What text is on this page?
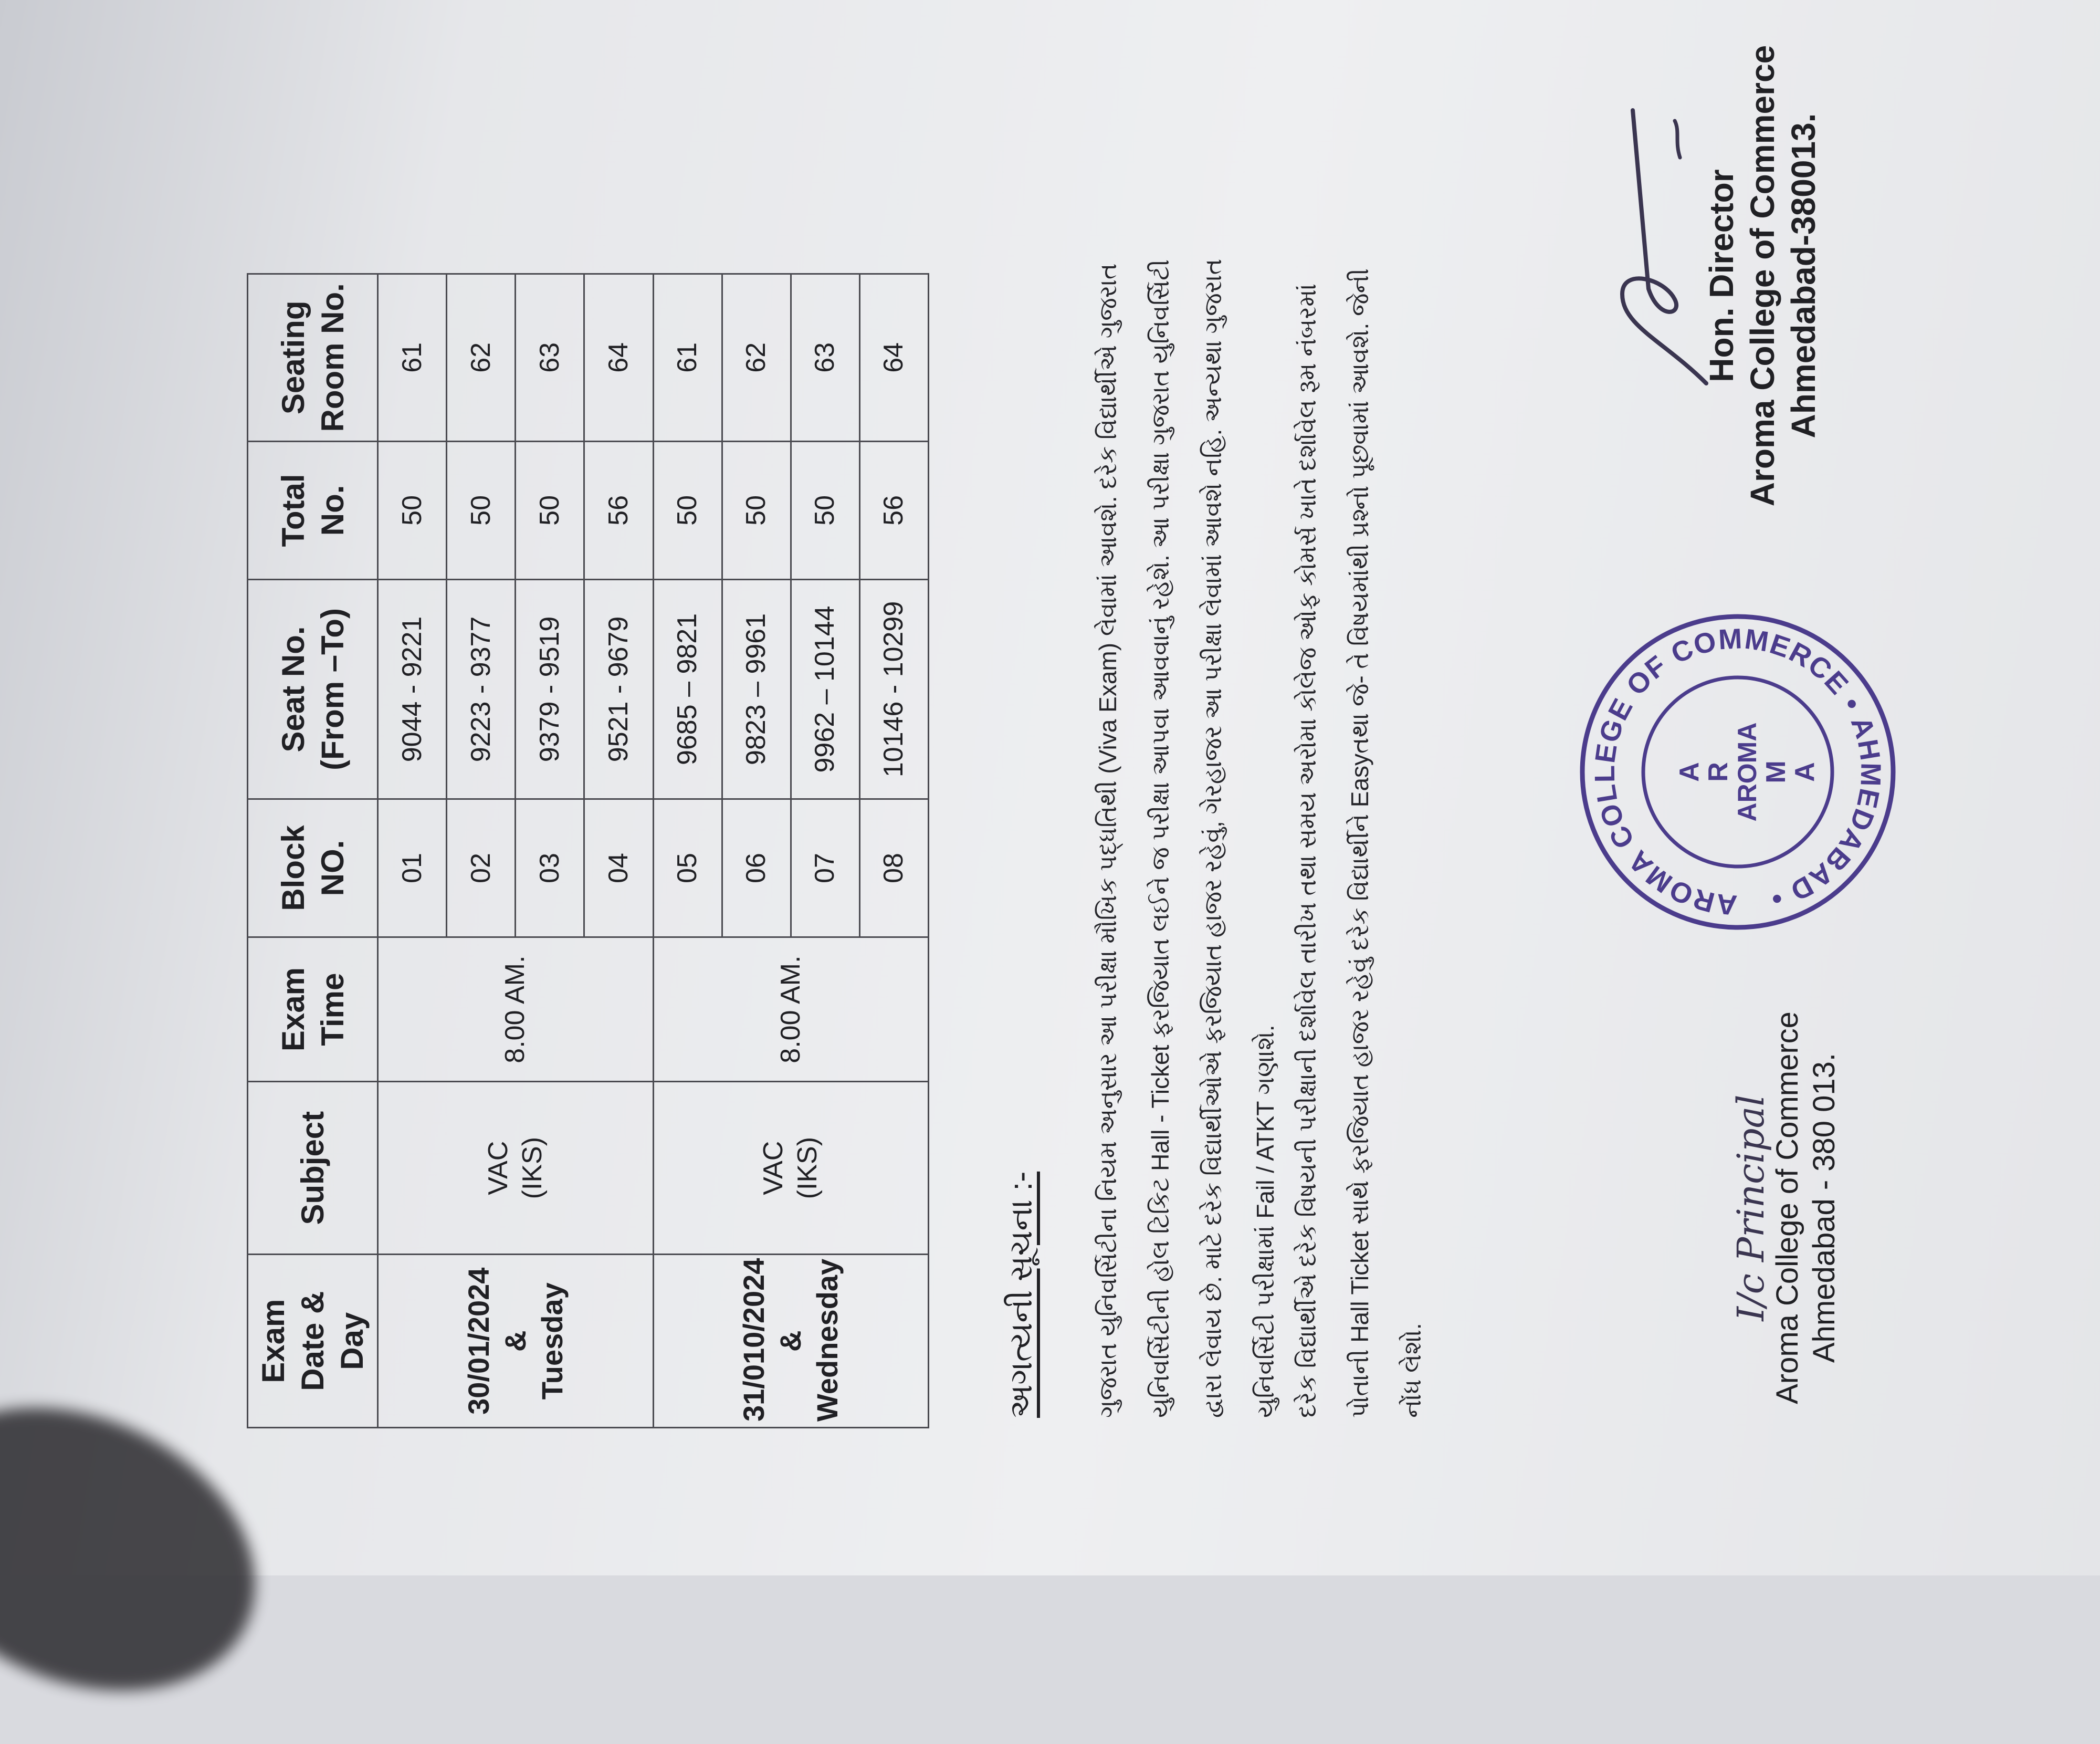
Exam Date & Day	Subject	Exam Time	Block NO.	Seat No. (From –To)	Total No.	Seating Room No.

30/01/2024 & Tuesday	VAC (IKS)	8.00 AM.	01	9044 - 9221	50	61
			02	9223 - 9377	50	62
			03	9379 - 9519	50	63
			04	9521 - 9679	56	64

31/010/2024 & Wednesday	VAC (IKS)	8.00 AM.	05	9685 – 9821	50	61
			06	9823 – 9961	50	62
			07	9962 – 10144	50	63
			08	10146 - 10299	56	64
અગત્યની સૂચના :-	ગુજરાત યુનિવર્સિટીના નિયમ અનુસાર આ પરીક્ષા મૌખિક પદ્ધતિથી (Viva Exam) લેવામાં આવશે. દરેક વિદ્યાર્થીએ ગુજરાત યુનિવર્સિટીની હોલ ટિકિટ Hall - Ticket ફરજિયાત લઈને જ પરીક્ષા આપવા આવવાનું રહેશે. આ પરીક્ષા ગુજરાત યુનિવર્સિટી દ્વારા લેવાય છે. માટે દરેક વિદ્યાર્થીઓએ ફરજિયાત હાજર રહેવું, ગેરહાજર આ પરીક્ષા લેવામાં આવશે નહિ. અન્યથા ગુજરાત યુનિવર્સિટી પરીક્ષામાં Fail / ATKT ગણાશે. દરેક વિદ્યાર્થીએ દરેક વિષયની પરીક્ષાની દર્શાવેલ તારીખ તથા સમય અરોમા કોલેજ ઓફ કોમર્સ ખાતે દર્શાવેલ રૂમ નંબરમાં પોતાની Hall Ticket સાથે ફરજિયાત હાજર રહેવું દરેક વિદ્યાર્થીને Easyતથા જે- તે વિષયમાંથી પ્રશ્નો પૂછવામાં આવશે. જેની નોંધ લેશો.

I/c Principal
Aroma College of Commerce Ahmedabad - 380 013.
AROMA COLLEGE OF COMMERCE • AHMEDABAD •
A
R
AROMA
M
A
Hon. Director Aroma College of Commerce Ahmedabad-380013.
